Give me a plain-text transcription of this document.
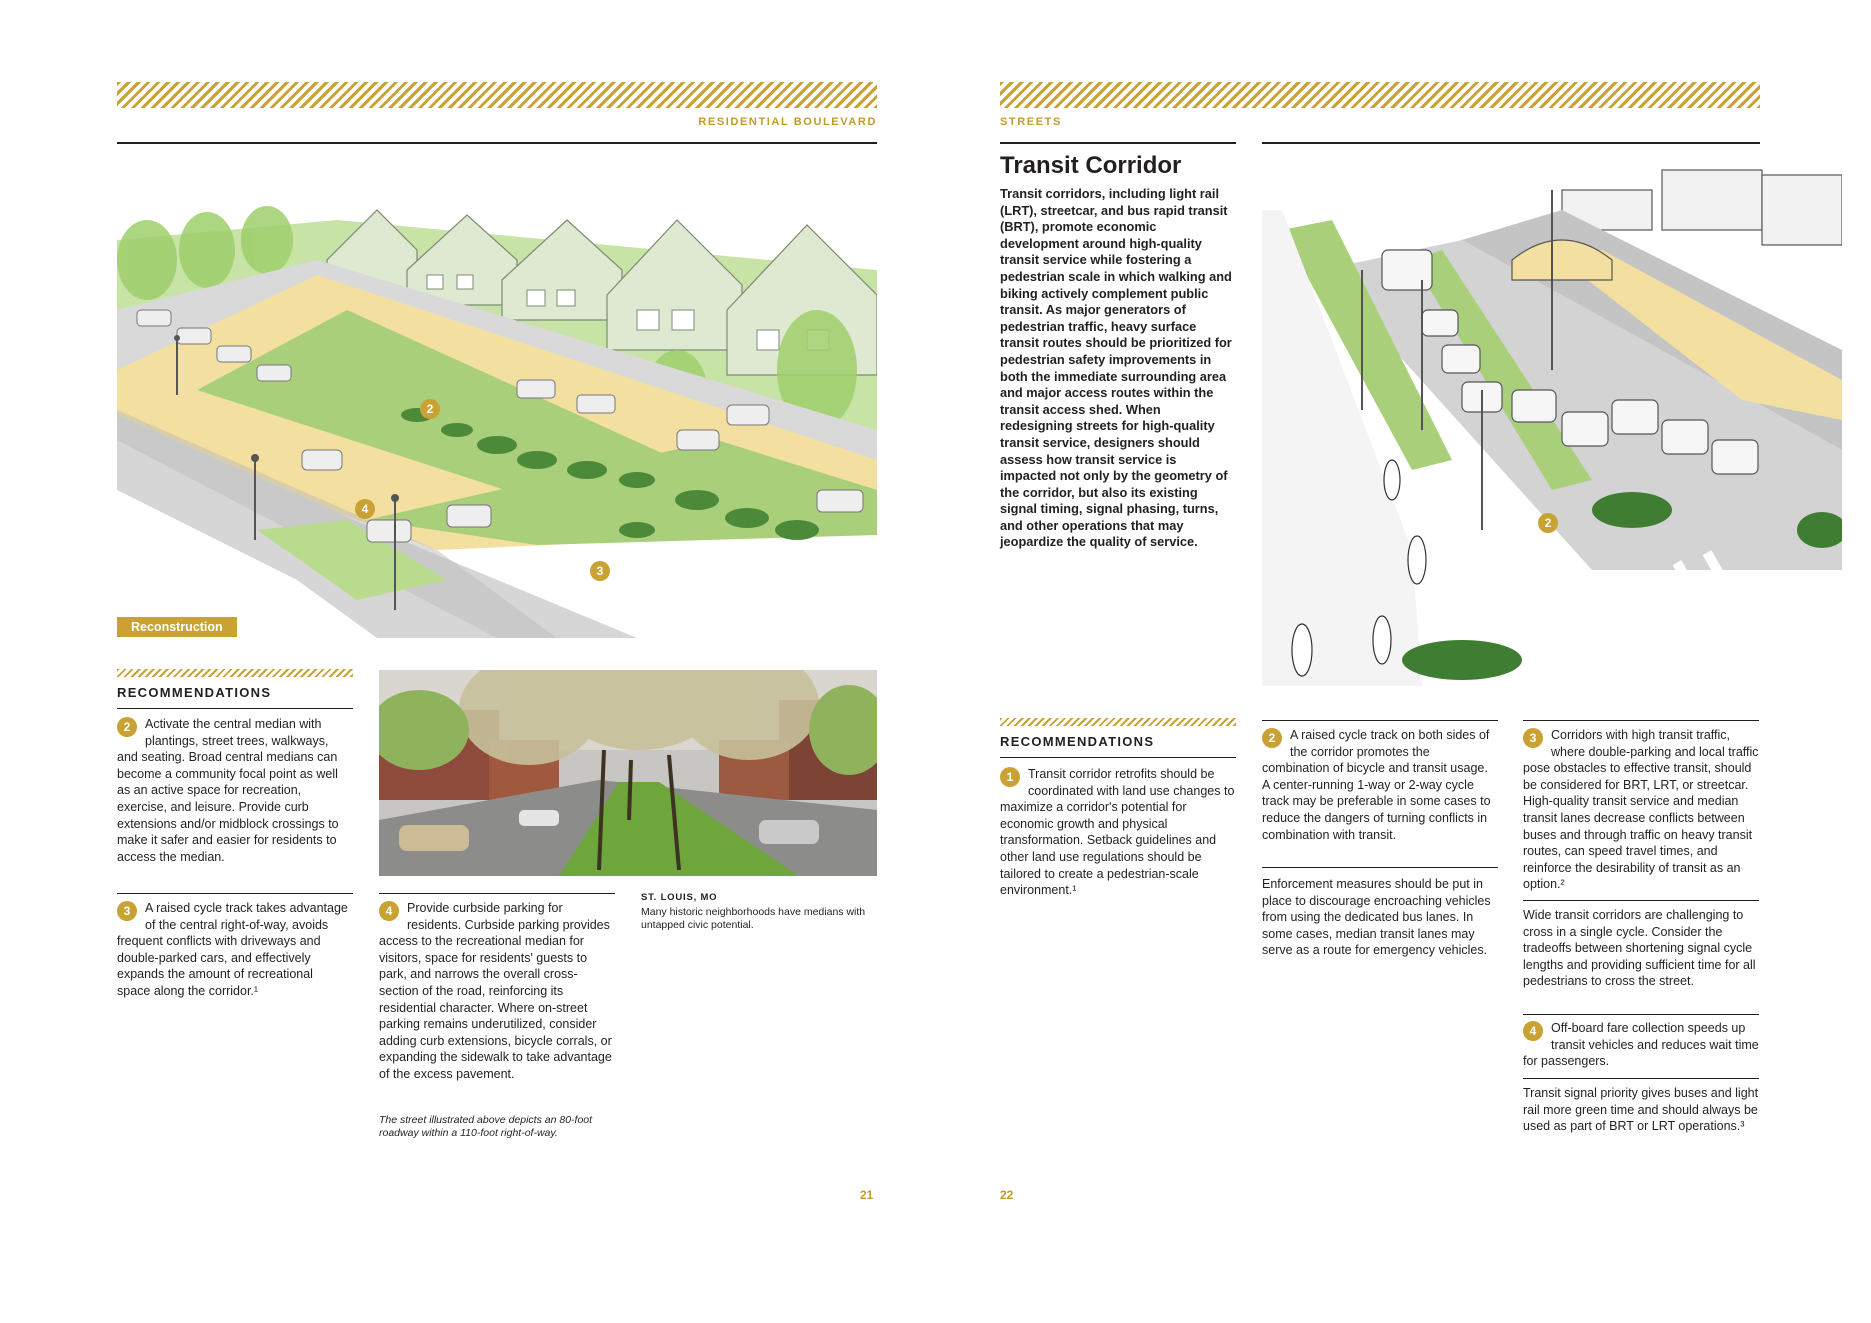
RESIDENTIAL BOULEVARD
2
4
3
Reconstruction
RECOMMENDATIONS
2	Activate the central median with plantings, street trees, walkways, and seating. Broad central medians can become a community focal point as well as an active space for recreation, exercise, and leisure. Provide curb extensions and/or midblock crossings to make it safer and easier for residents to access the median.
3	A raised cycle track takes advantage of the central right-of-way, avoids frequent conflicts with driveways and double-parked cars, and effectively expands the amount of recreational space along the corridor.¹
ST. LOUIS, MO
Many historic neighborhoods have medians with untapped civic potential.
4	Provide curbside parking for residents. Curbside parking provides access to the recreational median for visitors, space for residents' guests to park, and narrows the overall cross-section of the road, reinforcing its residential character. Where on-street parking remains underutilized, consider adding curb extensions, bicycle corrals, or expanding the sidewalk to take advantage of the excess pavement.
The street illustrated above depicts an 80-foot roadway within a 110-foot right-of-way.
21
STREETS
Transit Corridor
Transit corridors, including light rail (LRT), streetcar, and bus rapid transit (BRT), promote economic development around high-quality transit service while fostering a pedestrian scale in which walking and biking actively complement public transit. As major generators of pedestrian traffic, heavy surface transit routes should be prioritized for pedestrian safety improvements in both the immediate surrounding area and major access routes within the transit access shed. When redesigning streets for high-quality transit service, designers should assess how transit service is impacted not only by the geometry of the corridor, but also its existing signal timing, signal phasing, turns, and other operations that may jeopardize the quality of service.
2
RECOMMENDATIONS
1	Transit corridor retrofits should be coordinated with land use changes to maximize a corridor's potential for economic growth and physical transformation. Setback guidelines and other land use regulations should be tailored to create a pedestrian-scale environment.¹
2	A raised cycle track on both sides of the corridor promotes the combination of bicycle and transit usage. A center-running 1-way or 2-way cycle track may be preferable in some cases to reduce the dangers of turning conflicts in combination with transit.
Enforcement measures should be put in place to discourage encroaching vehicles from using the dedicated bus lanes. In some cases, median transit lanes may serve as a route for emergency vehicles.
3	Corridors with high transit traffic, where double-parking and local traffic pose obstacles to effective transit, should be considered for BRT, LRT, or streetcar. High-quality transit service and median transit lanes decrease conflicts between buses and through traffic on heavy transit routes, can speed travel times, and reinforce the desirability of transit as an option.²
Wide transit corridors are challenging to cross in a single cycle. Consider the tradeoffs between shortening signal cycle lengths and providing sufficient time for all pedestrians to cross the street.
4	Off-board fare collection speeds up transit vehicles and reduces wait time for passengers.
Transit signal priority gives buses and light rail more green time and should always be used as part of BRT or LRT operations.³
22
